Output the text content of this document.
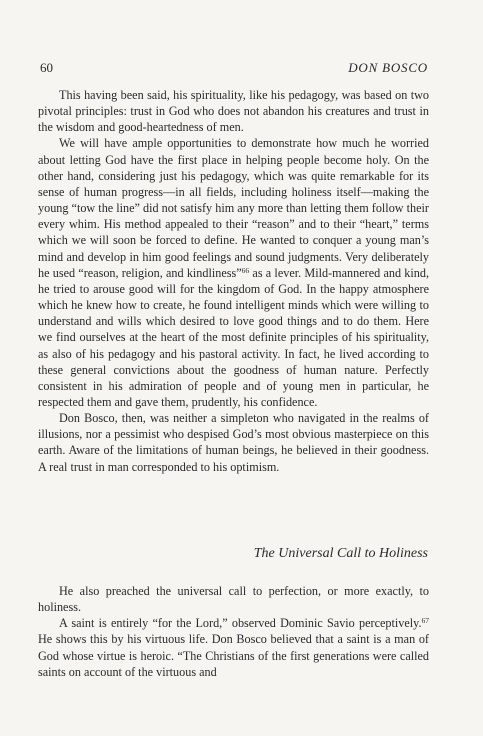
60	DON BOSCO

This having been said, his spirituality, like his pedagogy, was based on two pivotal principles: trust in God who does not abandon his creatures and trust in the wisdom and good-heartedness of men.

We will have ample opportunities to demonstrate how much he worried about letting God have the first place in helping people become holy. On the other hand, considering just his pedagogy, which was quite remarkable for its sense of human progress—in all fields, including holiness itself—making the young “tow the line” did not satisfy him any more than letting them follow their every whim. His method appealed to their “reason” and to their “heart,” terms which we will soon be forced to define. He wanted to conquer a young man’s mind and develop in him good feelings and sound judgments. Very deliberately he used “reason, religion, and kindliness”$^{66}$ as a lever. Mild-mannered and kind, he tried to arouse good will for the kingdom of God. In the happy atmosphere which he knew how to create, he found intelligent minds which were willing to understand and wills which desired to love good things and to do them. Here we find ourselves at the heart of the most definite principles of his spirituality, as also of his pedagogy and his pastoral activity. In fact, he lived according to these general convictions about the goodness of human nature. Perfectly consistent in his admiration of people and of young men in particular, he respected them and gave them, prudently, his confidence.

Don Bosco, then, was neither a simpleton who navigated in the realms of illusions, nor a pessimist who despised God’s most obvious masterpiece on this earth. Aware of the limitations of human beings, he believed in their goodness. A real trust in man corresponded to his optimism.

The Universal Call to Holiness

He also preached the universal call to perfection, or more exactly, to holiness.

A saint is entirely “for the Lord,” observed Dominic Savio perceptively.$^{67}$ He shows this by his virtuous life. Don Bosco believed that a saint is a man of God whose virtue is heroic. “The Christians of the first generations were called saints on account of the virtuous and
